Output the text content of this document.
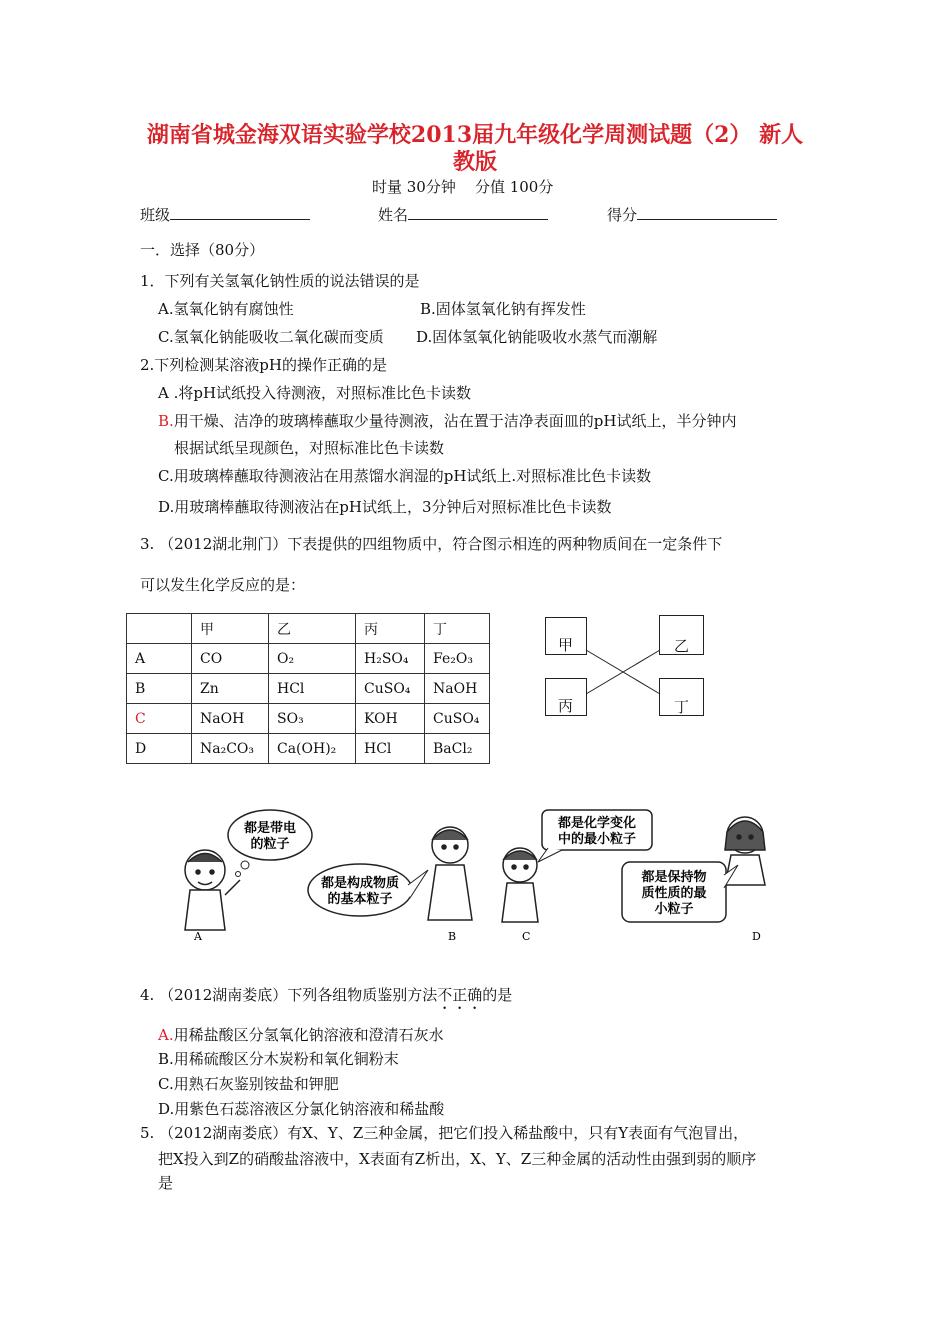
湖南省城金海双语实验学校2013届九年级化学周测试题（2） 新人教版
时量 30分钟 分值 100分
班级	姓名	得分
一．选择（80分）
1．下列有关氢氧化钠性质的说法错误的是
A.氢氧化钠有腐蚀性	B.固体氢氧化钠有挥发性
C.氢氧化钠能吸收二氧化碳而变质 D.固体氢氧化钠能吸收水蒸气而潮解
2.下列检测某溶液pH的操作正确的是
A .将pH试纸投入待测液，对照标准比色卡读数
B.用干燥、洁净的玻璃棒蘸取少量待测液，沾在置于洁净表面皿的pH试纸上，半分钟内
根据试纸呈现颜色，对照标准比色卡读数
C.用玻璃棒蘸取待测液沾在用蒸馏水润湿的pH试纸上.对照标准比色卡读数
D.用玻璃棒蘸取待测液沾在pH试纸上，3分钟后对照标准比色卡读数
3. （2012湖北荆门）下表提供的四组物质中，符合图示相连的两种物质间在一定条件下
可以发生化学反应的是：
	甲	乙	丙	丁
A	CO	O₂	H₂SO₄	Fe₂O₃
B	Zn	HCl	CuSO₄	NaOH
C	NaOH	SO₃	KOH	CuSO₄
D	Na₂CO₃	Ca(OH)₂	HCl	BaCl₂
甲	乙
丙	丁
都是带电
的粒子
都是构成物质
的基本粒子
都是化学变化
中的最小粒子
都是保持物
质性质的最
小粒子
A	B	C	D
4. （2012湖南娄底）下列各组物质鉴别方法不正确的是
A.用稀盐酸区分氢氧化钠溶液和澄清石灰水
B.用稀硫酸区分木炭粉和氧化铜粉末
C.用熟石灰鉴别铵盐和钾肥
D.用紫色石蕊溶液区分氯化钠溶液和稀盐酸
5. （2012湖南娄底）有X、Y、Z三种金属，把它们投入稀盐酸中，只有Y表面有气泡冒出，
把X投入到Z的硝酸盐溶液中，X表面有Z析出，X、Y、Z三种金属的活动性由强到弱的顺序
是
